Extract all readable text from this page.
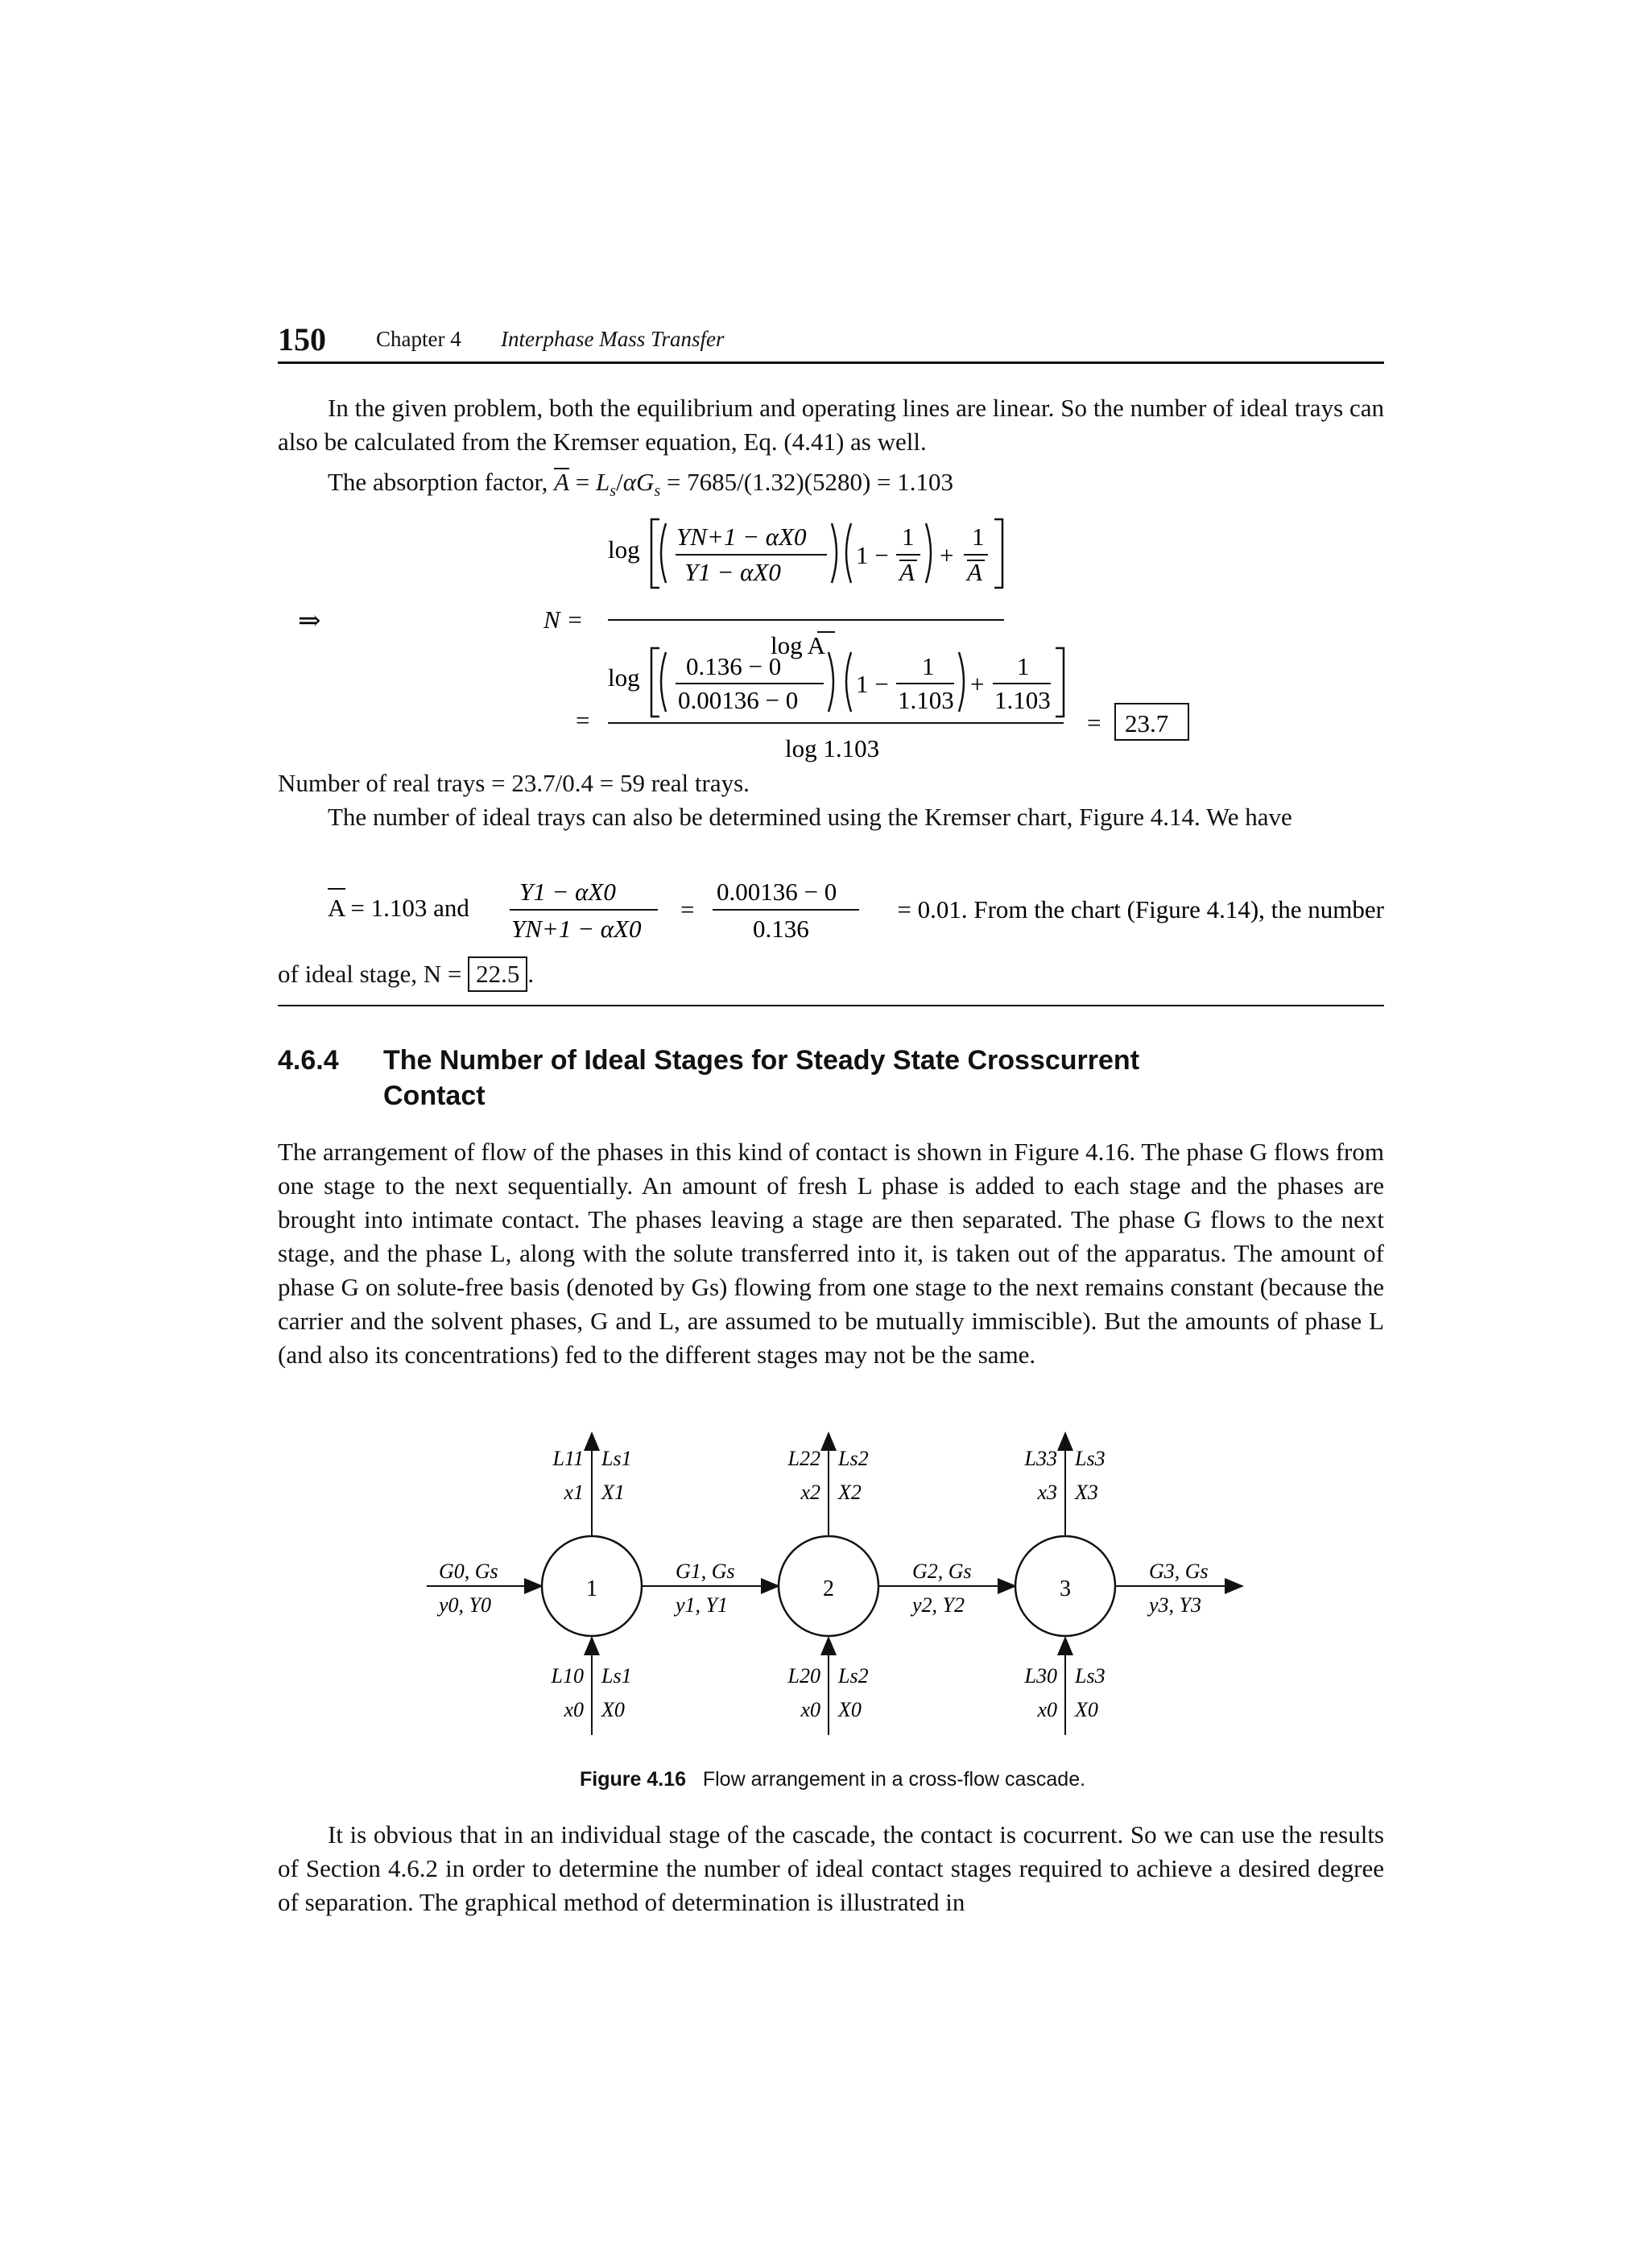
150 Chapter 4 Interphase Mass Transfer
In the given problem, both the equilibrium and operating lines are linear. So the number of ideal trays can also be calculated from the Kremser equation, Eq. (4.41) as well.
The absorption factor, A
= $L_s/\alpha G_s = 7685/(1.32)(5280) = 1.103$
⇒	N =
log YN+1 − αX0
Y1 − αX0
1 −
1
A
+
1
A
log A
log 0.136 − 0
0.00136 − 0
1 −
1
1.103
+
1
1.103
=
log 1.103
= 23.7
Number of real trays = 23.7/0.4 = 59 real trays.
The number of ideal trays can also be determined using the Kremser chart, Figure 4.14. We have
A = 1.103 and
Y1 − αX0
YN+1 − αX0
=
0.00136 − 0
0.136
= 0.01. From the chart (Figure 4.14), the number
of ideal stage, N = 22.5 .
4.6.4 The Number of Ideal Stages for Steady State Crosscurrent
Contact
The arrangement of flow of the phases in this kind of contact is shown in Figure 4.16. The phase G flows from one stage to the next sequentially. An amount of fresh L phase is added to each stage and the phases are brought into intimate contact. The phases leaving a stage are then separated. The phase G flows to the next stage, and the phase L, along with the solute transferred into it, is taken out of the apparatus. The amount of phase G on solute-free basis (denoted by Gs) flowing from one stage to the next remains constant (because the carrier and the solvent phases, G and L, are assumed to be mutually immiscible). But the amounts of phase L (and also its concentrations) fed to the different stages may not be the same.
1	2	3
L11 Ls1
x1 X1
L22 Ls2
x2 X2
L33 Ls3
x3 X3
L10 Ls1
x0 X0
L20 Ls2
x0 X0
L30 Ls3
x0 X0
G0, Gs
y0, Y0
G1, Gs
y1, Y1
G2, Gs
y2, Y2
G3, Gs
y3, Y3
Figure 4.16 Flow arrangement in a cross-flow cascade.
It is obvious that in an individual stage of the cascade, the contact is cocurrent. So we can use the results of Section 4.6.2 in order to determine the number of ideal contact stages required to achieve a desired degree of separation. The graphical method of determination is illustrated in
